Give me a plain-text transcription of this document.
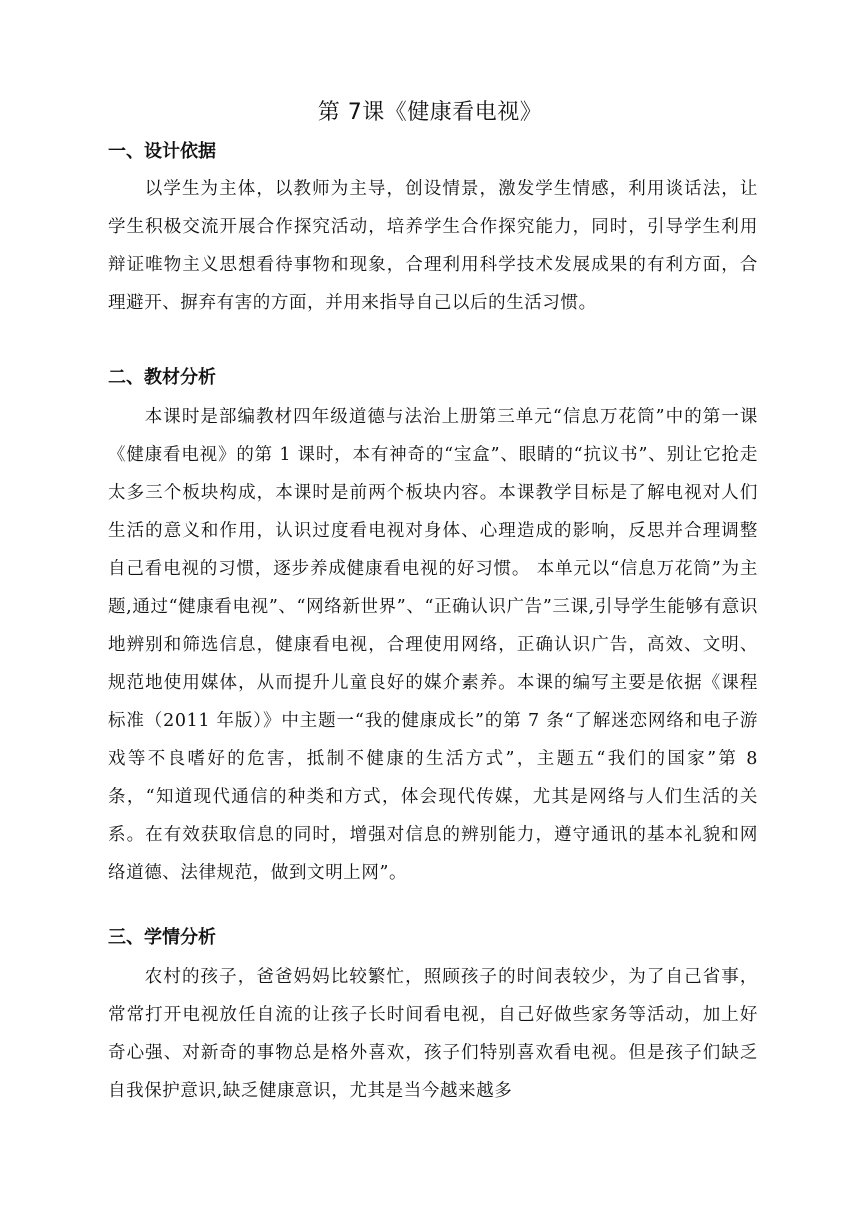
第 7课《健康看电视》
一、设计依据

以学生为主体，以教师为主导，创设情景，激发学生情感，利用谈话法，让学生积极交流开展合作探究活动，培养学生合作探究能力，同时，引导学生利用辩证唯物主义思想看待事物和现象，合理利用科学技术发展成果的有利方面，合理避开、摒弃有害的方面，并用来指导自己以后的生活习惯。

二、教材分析

本课时是部编教材四年级道德与法治上册第三单元“信息万花筒”中的第一课《健康看电视》的第 1 课时，本有神奇的“宝盒”、眼睛的“抗议书”、别让它抢走太多三个板块构成，本课时是前两个板块内容。本课教学目标是了解电视对人们生活的意义和作用，认识过度看电视对身体、心理造成的影响，反思并合理调整自己看电视的习惯，逐步养成健康看电视的好习惯。 本单元以“信息万花筒”为主题,通过“健康看电视”、“网络新世界”、“正确认识广告”三课,引导学生能够有意识地辨别和筛选信息，健康看电视，合理使用网络，正确认识广告，高效、文明、规范地使用媒体，从而提升儿童良好的媒介素养。本课的编写主要是依据《课程标准（2011 年版）》中主题一“我的健康成长”的第 7 条“了解迷恋网络和电子游戏等不良嗜好的危害，抵制不健康的生活方式”，主题五“我们的国家”第 8 条，“知道现代通信的种类和方式，体会现代传媒，尤其是网络与人们生活的关系。在有效获取信息的同时，增强对信息的辨别能力，遵守通讯的基本礼貌和网络道德、法律规范，做到文明上网”。

三、学情分析

农村的孩子，爸爸妈妈比较繁忙，照顾孩子的时间表较少，为了自己省事，常常打开电视放任自流的让孩子长时间看电视，自己好做些家务等活动，加上好奇心强、对新奇的事物总是格外喜欢，孩子们特别喜欢看电视。但是孩子们缺乏自我保护意识,缺乏健康意识，尤其是当今越来越多
